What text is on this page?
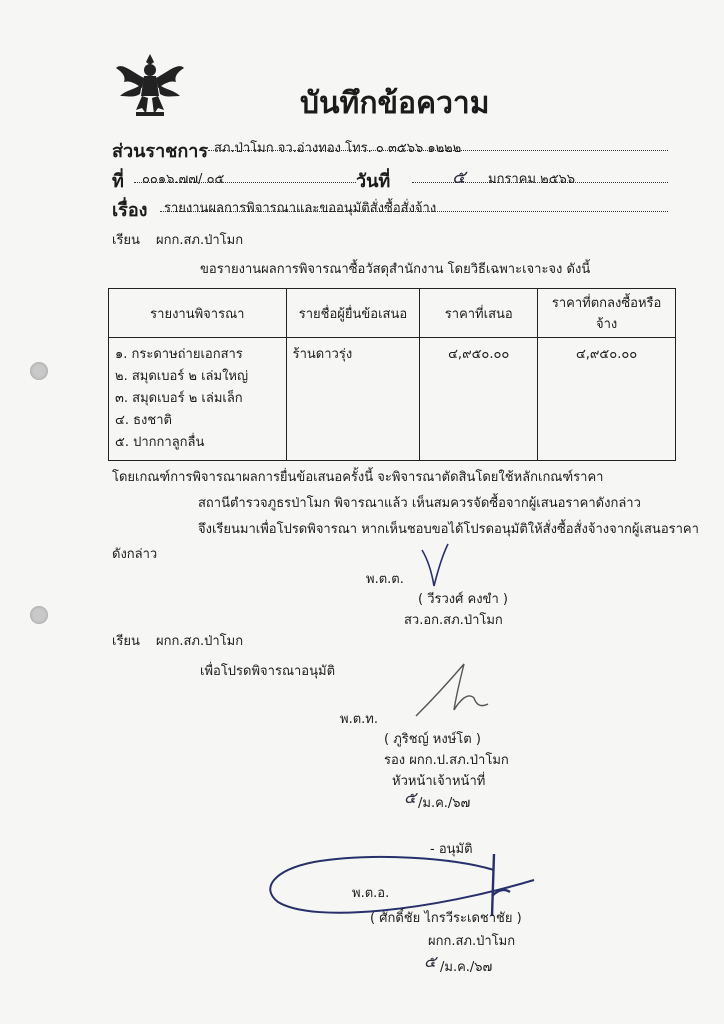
บันทึกข้อความ
ส่วนราชการ สภ.ป่าโมก จว.อ่างทอง โทร. ๐ ๓๕๖๖ ๑๒๒๒
ที่ ๐๐๑๖.๗๗/ ๐๕	วันที่	๕ มกราคม ๒๕๖๖
เรื่อง รายงานผลการพิจารณาและขออนุมัติสั่งซื้อสั่งจ้าง
เรียน ผกก.สภ.ป่าโมก
ขอรายงานผลการพิจารณาซื้อวัสดุสำนักงาน โดยวิธีเฉพาะเจาะจง ดังนี้
รายงานพิจารณา	รายชื่อผู้ยื่นข้อเสนอ	ราคาที่เสนอ	ราคาที่ตกลงซื้อหรือจ้าง

๑. กระดาษถ่ายเอกสาร
๒. สมุดเบอร์ ๒ เล่มใหญ่
๓. สมุดเบอร์ ๒ เล่มเล็ก
๔. ธงชาติ
๕. ปากกาลูกลื่น	ร้านดาวรุ่ง	๔,๙๕๐.๐๐	๔,๙๕๐.๐๐
โดยเกณฑ์การพิจารณาผลการยื่นข้อเสนอครั้งนี้ จะพิจารณาตัดสินโดยใช้หลักเกณฑ์ราคา
สถานีตำรวจภูธรป่าโมก พิจารณาแล้ว เห็นสมควรจัดซื้อจากผู้เสนอราคาดังกล่าว
จึงเรียนมาเพื่อโปรดพิจารณา หากเห็นชอบขอได้โปรดอนุมัติให้สั่งซื้อสั่งจ้างจากผู้เสนอราคา
ดังกล่าว
พ.ต.ต.
( วีรวงศ์ คงขำ )
สว.อก.สภ.ป่าโมก
เรียน ผกก.สภ.ป่าโมก
เพื่อโปรดพิจารณาอนุมัติ
พ.ต.ท.
( ภูริชญ์ หงษ์โต )
รอง ผกก.ป.สภ.ป่าโมก
หัวหน้าเจ้าหน้าที่
๕ /ม.ค./๖๗
- อนุมัติ
พ.ต.อ.
( ศักดิ์ชัย ไกรวีระเดชาชัย )
ผกก.สภ.ป่าโมก
๕ /ม.ค./๖๗
